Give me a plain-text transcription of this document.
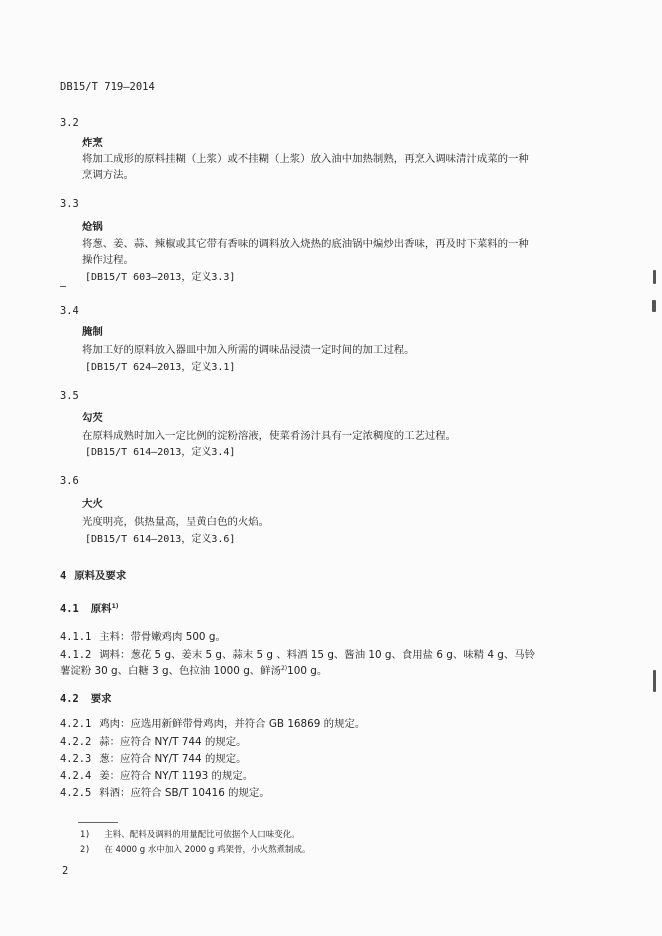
DB15/T 719—2014
3.2
炸烹
将加工成形的原料挂糊（上浆）或不挂糊（上浆）放入油中加热制熟，再烹入调味清汁成菜的一种
烹调方法。
3.3
炝锅
将葱、姜、蒜、辣椒或其它带有香味的调料放入烧热的底油锅中煸炒出香味，再及时下菜料的一种
操作过程。
[DB15/T 603—2013，定义3.3]
3.4
腌制
将加工好的原料放入器皿中加入所需的调味品浸渍一定时间的加工过程。
[DB15/T 624—2013，定义3.1]
3.5
勾芡
在原料成熟时加入一定比例的淀粉溶液，使菜肴汤汁具有一定浓稠度的工艺过程。
[DB15/T 614—2013，定义3.4]
3.6
大火
光度明亮，供热量高，呈黄白色的火焰。
[DB15/T 614—2013，定义3.6]
4 原料及要求
4.1 原料$^{1)}$
4.1.1 主料：带骨嫩鸡肉 500 g。
4.1.2 调料：葱花 5 g、姜末 5 g、蒜末 5 g 、料酒 15 g、酱油 10 g、食用盐 6 g、味精 4 g、马铃
薯淀粉 30 g、白糖 3 g、色拉油 1000 g、鲜汤$^{2)}$100 g。
4.2 要求
4.2.1 鸡肉：应选用新鲜带骨鸡肉，并符合 GB 16869 的规定。
4.2.2 蒜：应符合 NY/T 744 的规定。
4.2.3 葱：应符合 NY/T 744 的规定。
4.2.4 姜：应符合 NY/T 1193 的规定。
4.2.5 料酒：应符合 SB/T 10416 的规定。
1) 主料、配料及调料的用量配比可依据个人口味变化。
2) 在 4000 g 水中加入 2000 g 鸡架骨，小火熬煮制成。
2
